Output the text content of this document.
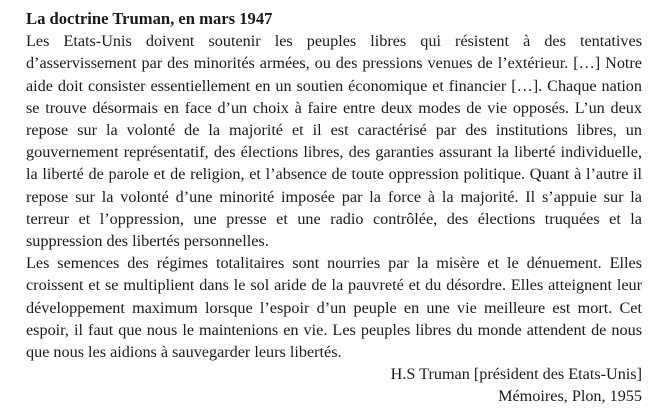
La doctrine Truman, en mars 1947

Les Etats-Unis doivent soutenir les peuples libres qui résistent à des tentatives d’asservissement par des minorités armées, ou des pressions venues de l’extérieur. […] Notre aide doit consister essentiellement en un soutien économique et financier […]. Chaque nation se trouve désormais en face d’un choix à faire entre deux modes de vie opposés. L’un deux repose sur la volonté de la majorité et il est caractérisé par des institutions libres, un gouvernement représentatif, des élections libres, des garanties assurant la liberté individuelle, la liberté de parole et de religion, et l’absence de toute oppression politique. Quant à l’autre il repose sur la volonté d’une minorité imposée par la force à la majorité. Il s’appuie sur la terreur et l’oppression, une presse et une radio contrôlée, des élections truquées et la suppression des libertés personnelles.

Les semences des régimes totalitaires sont nourries par la misère et le dénuement. Elles croissent et se multiplient dans le sol aride de la pauvreté et du désordre. Elles atteignent leur développement maximum lorsque l’espoir d’un peuple en une vie meilleure est mort. Cet espoir, il faut que nous le maintenions en vie. Les peuples libres du monde attendent de nous que nous les aidions à sauvegarder leurs libertés.

H.S Truman [président des Etats-Unis]

Mémoires, Plon, 1955
